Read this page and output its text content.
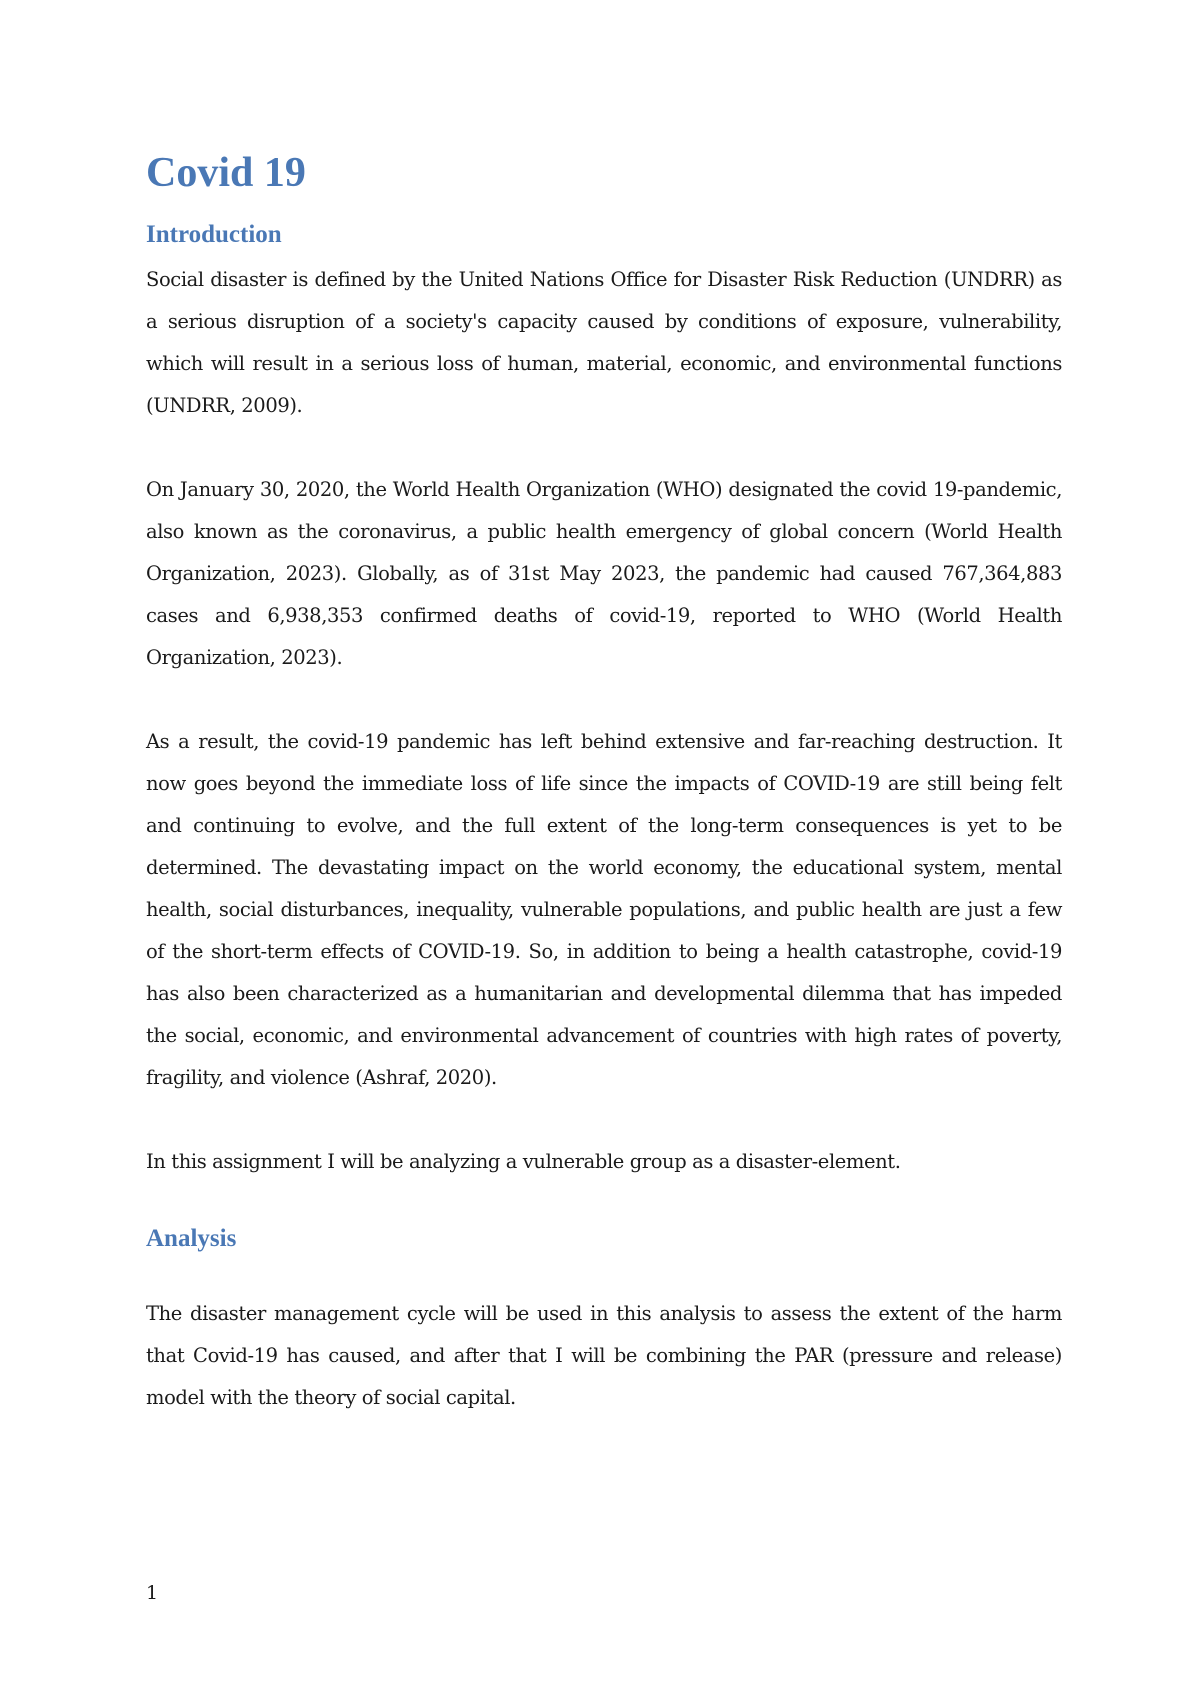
Covid 19
Introduction

Social disaster is defined by the United Nations Office for Disaster Risk Reduction (UNDRR) as a serious disruption of a society's capacity caused by conditions of exposure, vulnerability, which will result in a serious loss of human, material, economic, and environmental functions (UNDRR, 2009).

On January 30, 2020, the World Health Organization (WHO) designated the covid 19-pandemic, also known as the coronavirus, a public health emergency of global concern (World Health Organization, 2023). Globally, as of 31st May 2023, the pandemic had caused 767,364,883 cases and 6,938,353 confirmed deaths of covid-19, reported to WHO (World Health Organization, 2023).

As a result, the covid-19 pandemic has left behind extensive and far-reaching destruction. It now goes beyond the immediate loss of life since the impacts of COVID-19 are still being felt and continuing to evolve, and the full extent of the long-term consequences is yet to be determined. The devastating impact on the world economy, the educational system, mental health, social disturbances, inequality, vulnerable populations, and public health are just a few of the short-term effects of COVID-19. So, in addition to being a health catastrophe, covid-19 has also been characterized as a humanitarian and developmental dilemma that has impeded the social, economic, and environmental advancement of countries with high rates of poverty, fragility, and violence (Ashraf, 2020).

In this assignment I will be analyzing a vulnerable group as a disaster-element.

Analysis

The disaster management cycle will be used in this analysis to assess the extent of the harm that Covid-19 has caused, and after that I will be combining the PAR (pressure and release) model with the theory of social capital.

1
